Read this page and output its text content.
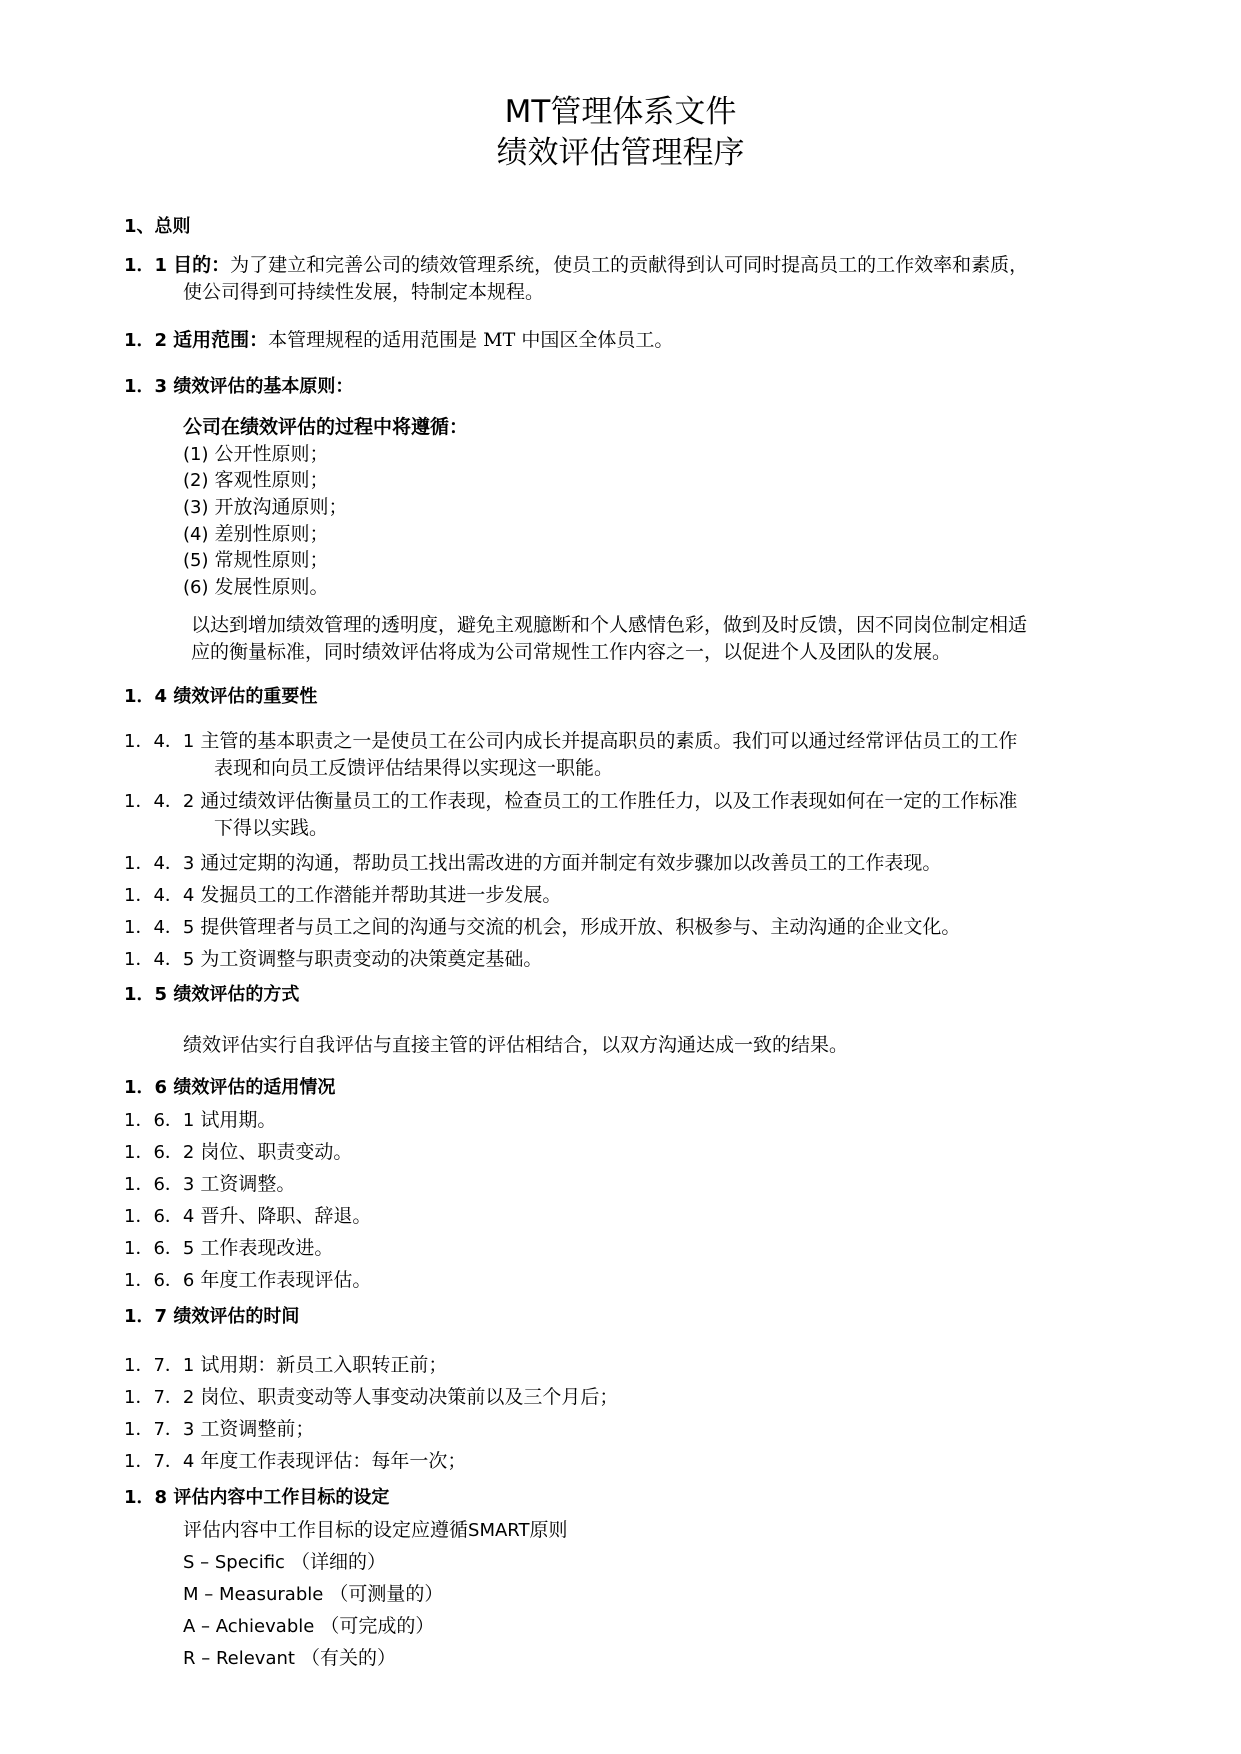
MT管理体系文件
绩效评估管理程序
1、总则
1．1 目的：为了建立和完善公司的绩效管理系统，使员工的贡献得到认可同时提高员工的工作效率和素质，
使公司得到可持续性发展，特制定本规程。
1．2 适用范围：本管理规程的适用范围是 MT 中国区全体员工。
1．3 绩效评估的基本原则：
公司在绩效评估的过程中将遵循：
(1) 公开性原则；
(2) 客观性原则；
(3) 开放沟通原则；
(4) 差别性原则；
(5) 常规性原则；
(6) 发展性原则。
以达到增加绩效管理的透明度，避免主观臆断和个人感情色彩，做到及时反馈，因不同岗位制定相适
应的衡量标准，同时绩效评估将成为公司常规性工作内容之一，以促进个人及团队的发展。
1．4 绩效评估的重要性
1．4．1 主管的基本职责之一是使员工在公司内成长并提高职员的素质。我们可以通过经常评估员工的工作
表现和向员工反馈评估结果得以实现这一职能。
1．4．2 通过绩效评估衡量员工的工作表现，检查员工的工作胜任力，以及工作表现如何在一定的工作标准
下得以实践。
1．4．3 通过定期的沟通，帮助员工找出需改进的方面并制定有效步骤加以改善员工的工作表现。
1．4．4 发掘员工的工作潜能并帮助其进一步发展。
1．4．5 提供管理者与员工之间的沟通与交流的机会，形成开放、积极参与、主动沟通的企业文化。
1．4．5 为工资调整与职责变动的决策奠定基础。
1．5 绩效评估的方式
绩效评估实行自我评估与直接主管的评估相结合，以双方沟通达成一致的结果。
1．6 绩效评估的适用情况
1．6．1 试用期。
1．6．2 岗位、职责变动。
1．6．3 工资调整。
1．6．4 晋升、降职、辞退。
1．6．5 工作表现改进。
1．6．6 年度工作表现评估。
1．7 绩效评估的时间
1．7．1 试用期：新员工入职转正前；
1．7．2 岗位、职责变动等人事变动决策前以及三个月后；
1．7．3 工资调整前；
1．7．4 年度工作表现评估：每年一次；
1．8 评估内容中工作目标的设定
评估内容中工作目标的设定应遵循SMART原则
S – Specific （详细的）
M – Measurable （可测量的）
A – Achievable （可完成的）
R – Relevant （有关的）
